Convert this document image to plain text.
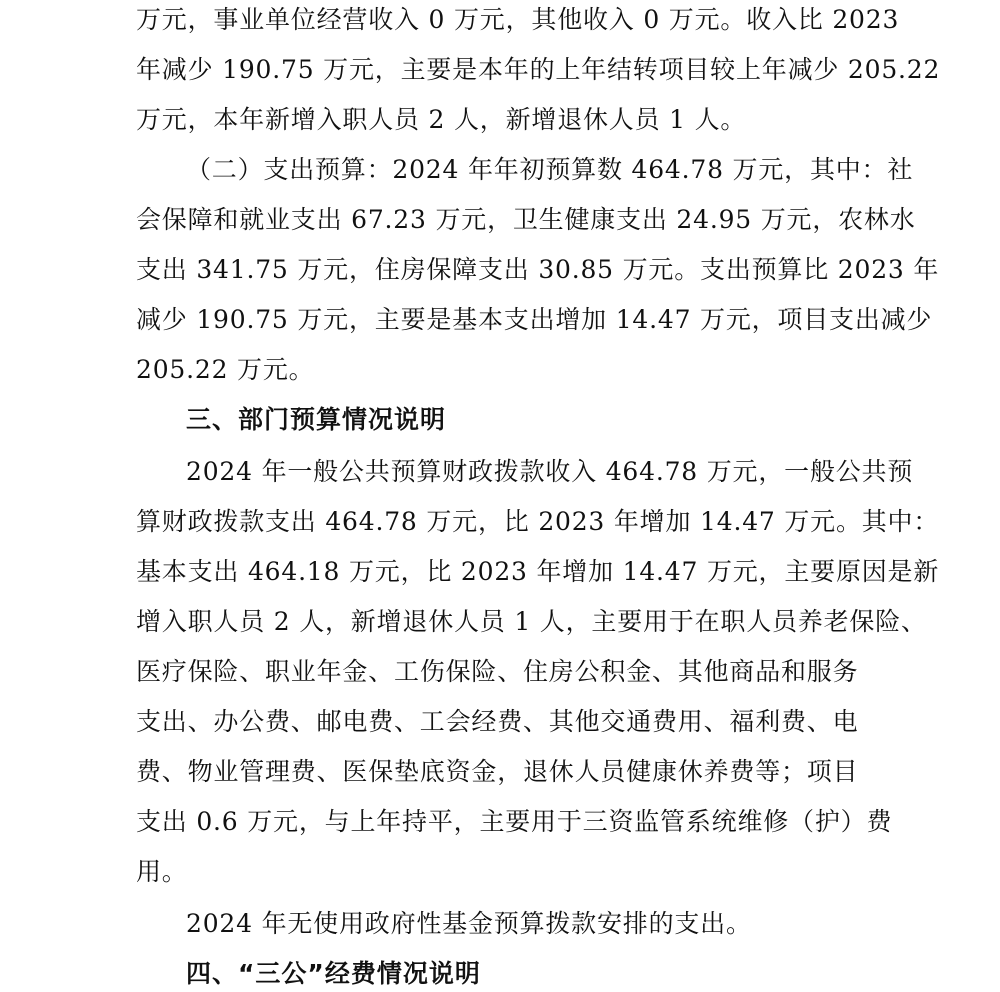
万元，事业单位经营收入 0 万元，其他收入 0 万元。收入比 2023
年减少 190.75 万元，主要是本年的上年结转项目较上年减少 205.22
万元，本年新增入职人员 2 人，新增退休人员 1 人。
（二）支出预算：2024 年年初预算数 464.78 万元，其中：社
会保障和就业支出 67.23 万元，卫生健康支出 24.95 万元，农林水
支出 341.75 万元，住房保障支出 30.85 万元。支出预算比 2023 年
减少 190.75 万元，主要是基本支出增加 14.47 万元，项目支出减少
205.22 万元。
三、部门预算情况说明
2024 年一般公共预算财政拨款收入 464.78 万元，一般公共预
算财政拨款支出 464.78 万元，比 2023 年增加 14.47 万元。其中：
基本支出 464.18 万元，比 2023 年增加 14.47 万元，主要原因是新
增入职人员 2 人，新增退休人员 1 人，主要用于在职人员养老保险、
医疗保险、职业年金、工伤保险、住房公积金、其他商品和服务
支出、办公费、邮电费、工会经费、其他交通费用、福利费、电
费、物业管理费、医保垫底资金，退休人员健康休养费等；项目
支出 0.6 万元，与上年持平，主要用于三资监管系统维修（护）费
用。
2024 年无使用政府性基金预算拨款安排的支出。
四、“三公”经费情况说明
